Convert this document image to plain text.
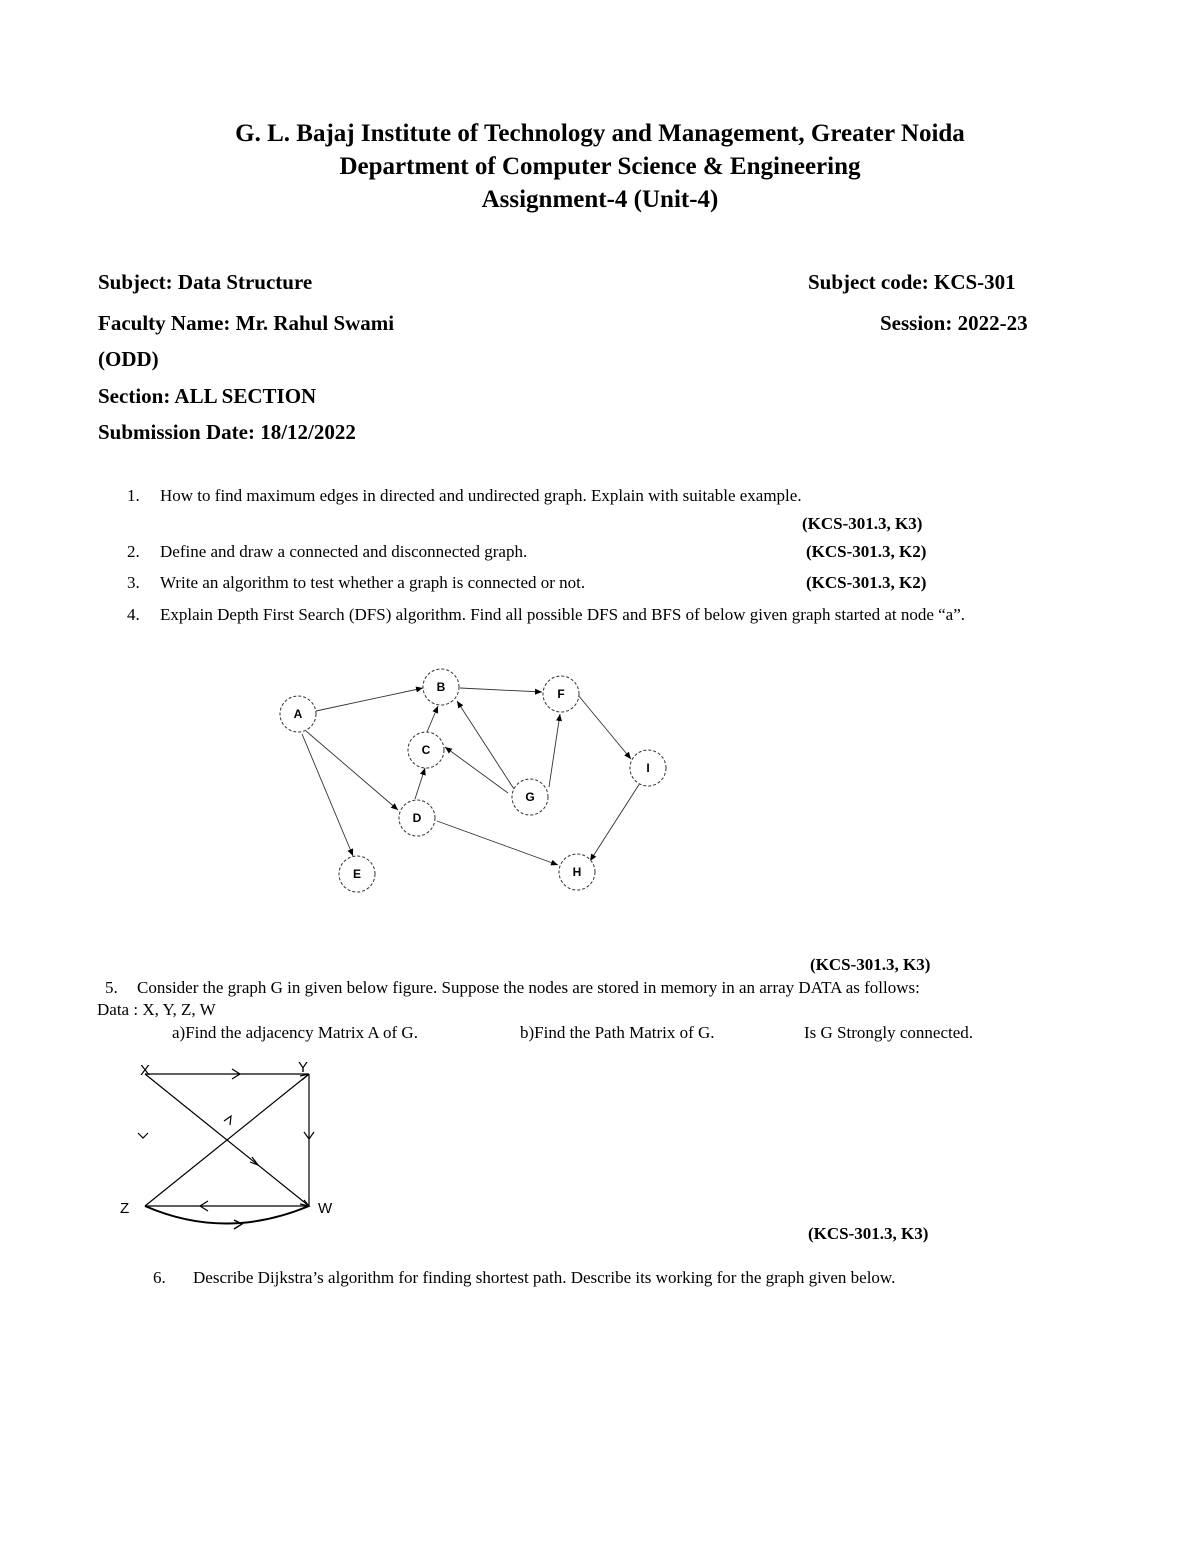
G. L. Bajaj Institute of Technology and Management, Greater Noida
Department of Computer Science & Engineering
Assignment-4 (Unit-4)
Subject: Data Structure	Subject code: KCS-301
Faculty Name: Mr. Rahul Swami	Session: 2022-23
(ODD)
Section: ALL SECTION
Submission Date: 18/12/2022
1. How to find maximum edges in directed and undirected graph. Explain with suitable example.
(KCS-301.3, K3)
2. Define and draw a connected and disconnected graph.	(KCS-301.3, K2)
3. Write an algorithm to test whether a graph is connected or not.	(KCS-301.3, K2)
4. Explain Depth First Search (DFS) algorithm. Find all possible DFS and BFS of below given graph started at node “a”.
A
B
C
D
E
F
G
H
I
(KCS-301.3, K3)
5. Consider the graph G in given below figure. Suppose the nodes are stored in memory in an array DATA as follows:
Data : X, Y, Z, W
a)Find the adjacency Matrix A of G.	b)Find the Path Matrix of G.	Is G Strongly connected.
X	Y
Z	W
(KCS-301.3, K3)
6. Describe Dijkstra’s algorithm for finding shortest path. Describe its working for the graph given below.
